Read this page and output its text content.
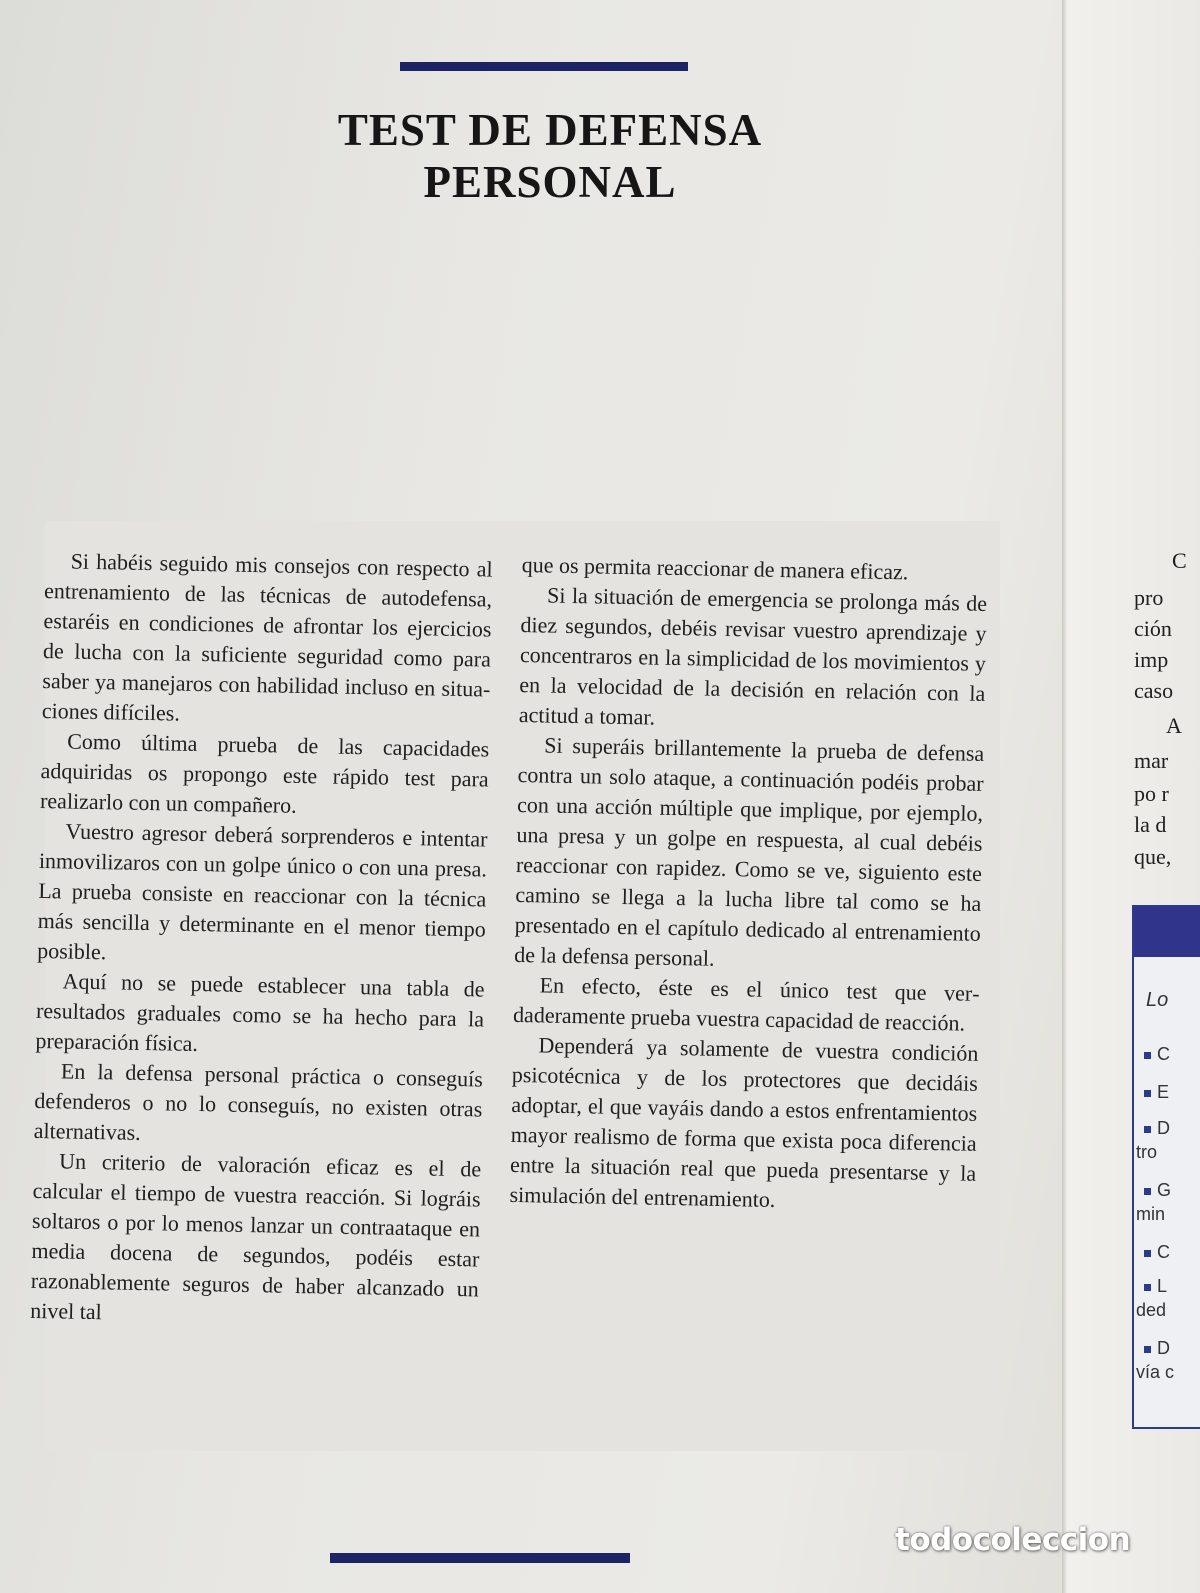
TEST DE DEFENSA
PERSONAL

Si habéis seguido mis consejos con respecto al entrenamiento de las técnicas de autodefensa, estaréis en condiciones de afrontar los ejercicios de lucha con la suficiente seguridad como para saber ya manejaros con habilidad incluso en situaciones difíciles.

Como última prueba de las capacidades adquiridas os propongo este rápido test para realizarlo con un compañero.

Vuestro agresor deberá sorprenderos e intentar inmovilizaros con un golpe único o con una presa. La prueba consiste en reaccionar con la técnica más sencilla y determinante en el menor tiempo posible.

Aquí no se puede establecer una tabla de resultados graduales como se ha hecho para la preparación física.

En la defensa personal práctica o conseguís defenderos o no lo conseguís, no existen otras alternativas.

Un criterio de valoración eficaz es el de calcular el tiempo de vuestra reacción. Si lográis soltaros o por lo menos lanzar un contraataque en media docena de segundos, podéis estar razonablemente seguros de haber alcanzado un nivel tal

que os permita reaccionar de manera eficaz.

Si la situación de emergencia se prolonga más de diez segundos, debéis revisar vuestro aprendizaje y concentraros en la simplicidad de los movimientos y en la velocidad de la decisión en relación con la actitud a tomar.

Si superáis brillantemente la prueba de defensa contra un solo ataque, a continuación podéis probar con una acción múltiple que implique, por ejemplo, una presa y un golpe en respuesta, al cual debéis reaccionar con rapidez. Como se ve, siguiento este camino se llega a la lucha libre tal como se ha presentado en el capítulo dedicado al entrenamiento de la defensa personal.

En efecto, éste es el único test que verdaderamente prueba vuestra capacidad de reacción.

Dependerá ya solamente de vuestra condición psicotécnica y de los protectores que decidáis adoptar, el que vayáis dando a estos enfrentamientos mayor realismo de forma que exista poca diferencia entre la situación real que pueda presentarse y la simulación del entrenamiento.

C
pro
ción
imp
caso
A
mar
po r
la d
que,
Lo
C
E
D
tro
G
min
C
L
ded
D
vía c
todocoleccion
